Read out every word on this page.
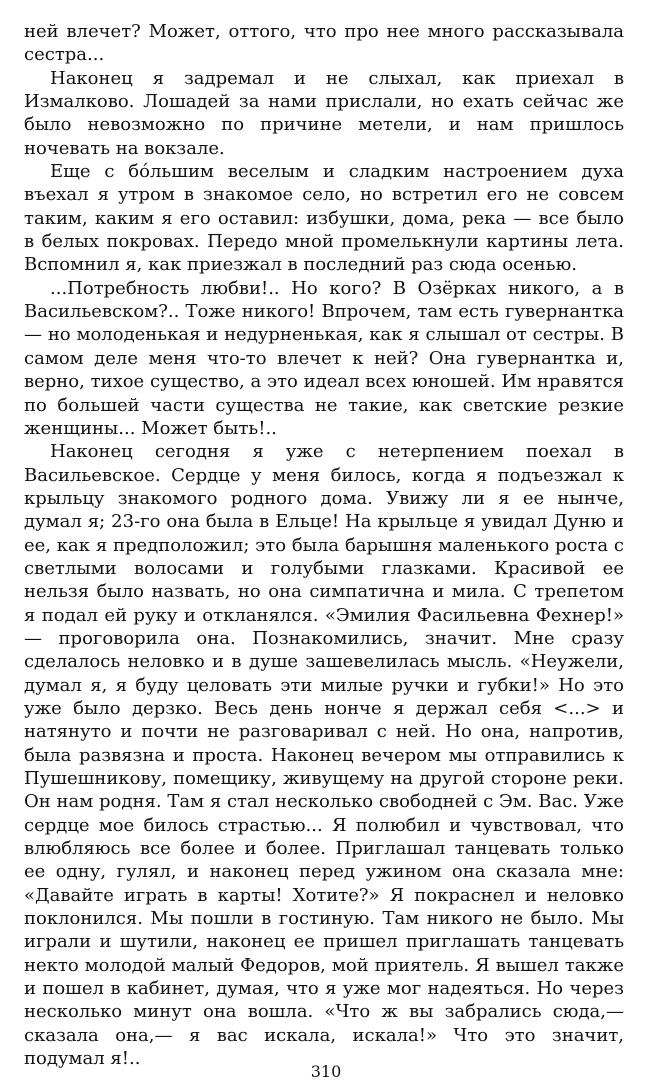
ней влечет? Может, оттого, что про нее много рассказывала сестра...

Наконец я задремал и не слыхал, как приехал в Измалково. Лошадей за нами прислали, но ехать сейчас же было невозможно по причине метели, и нам пришлось ночевать на вокзале.

Еще с бо́льшим веселым и сладким настроением духа въехал я утром в знакомое село, но встретил его не совсем таким, каким я его оставил: избушки, дома, река — все было в белых покровах. Передо мной промелькнули картины лета. Вспомнил я, как приезжал в последний раз сюда осенью.

...Потребность любви!.. Но кого? В Озёрках никого, а в Васильевском?.. Тоже никого! Впрочем, там есть гувернантка — но молоденькая и недурненькая, как я слышал от сестры. В самом деле меня что-то влечет к ней? Она гувернантка и, верно, тихое существо, а это идеал всех юношей. Им нравятся по большей части существа не такие, как светские резкие женщины... Может быть!..

Наконец сегодня я уже с нетерпением поехал в Васильевское. Сердце у меня билось, когда я подъезжал к крыльцу знакомого родного дома. Увижу ли я ее нынче, думал я; 23-го она была в Ельце! На крыльце я увидал Дуню и ее, как я предположил; это была барышня маленького роста с светлыми волосами и голубыми глазками. Красивой ее нельзя было назвать, но она симпатична и мила. С трепетом я подал ей руку и откланялся. «Эмилия Фасильевна Фехнер!» — проговорила она. Познакомились, значит. Мне сразу сделалось неловко и в душе зашевелилась мысль. «Неужели, думал я, я буду целовать эти милые ручки и губки!» Но это уже было дерзко. Весь день нонче я держал себя <...> и натянуто и почти не разговаривал с ней. Но она, напротив, была развязна и проста. Наконец вечером мы отправились к Пушешникову, помещику, живущему на другой стороне реки. Он нам родня. Там я стал несколько свободней с Эм. Вас. Уже сердце мое билось страстью... Я полюбил и чувствовал, что влюбляюсь все более и более. Приглашал танцевать только ее одну, гулял, и наконец перед ужином она сказала мне: «Давайте играть в карты! Хотите?» Я покраснел и неловко поклонился. Мы пошли в гостиную. Там никого не было. Мы играли и шутили, наконец ее пришел приглашать танцевать некто молодой малый Федоров, мой приятель. Я вышел также и пошел в кабинет, думая, что я уже мог надеяться. Но через несколько минут она вошла. «Что ж вы забрались сюда,— сказала она,— я вас искала, искала!» Что это значит, подумал я!..

310
